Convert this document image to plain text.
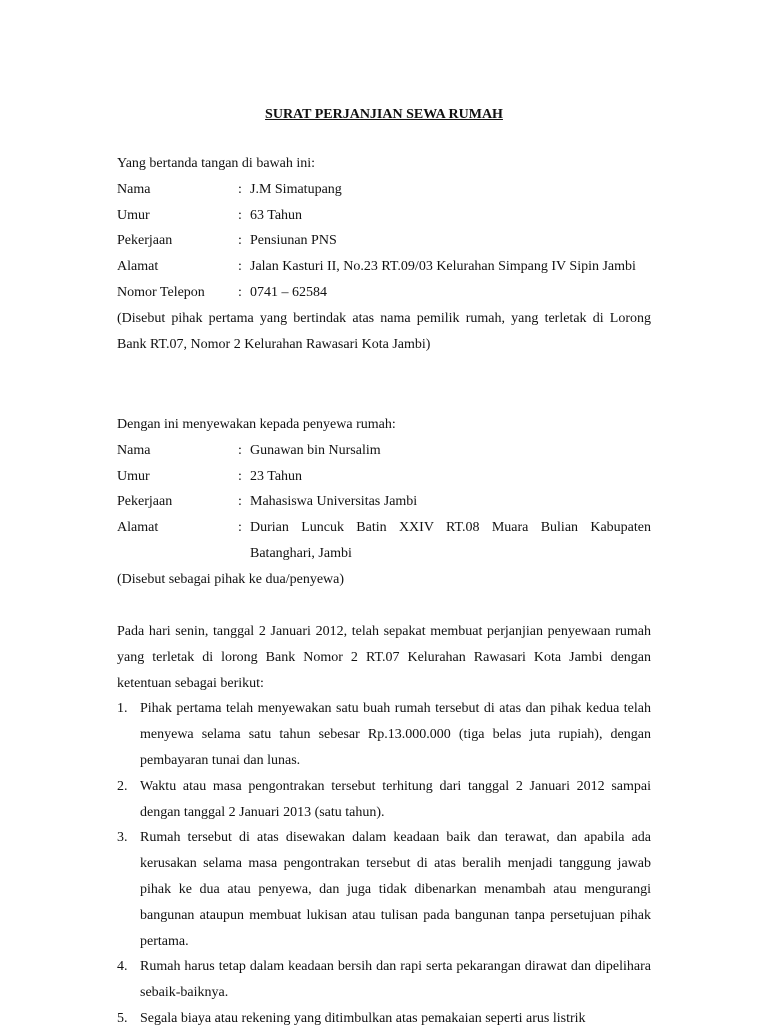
SURAT PERJANJIAN SEWA RUMAH
Yang bertanda tangan di bawah ini:
Nama	: J.M Simatupang
Umur	: 63 Tahun
Pekerjaan	: Pensiunan PNS
Alamat	: Jalan Kasturi II, No.23 RT.09/03 Kelurahan Simpang IV Sipin Jambi
Nomor Telepon	: 0741 – 62584
(Disebut pihak pertama yang bertindak atas nama pemilik rumah, yang terletak di Lorong Bank RT.07, Nomor 2 Kelurahan Rawasari Kota Jambi)
Dengan ini menyewakan kepada penyewa rumah:
Nama	: Gunawan bin Nursalim
Umur	: 23 Tahun
Pekerjaan	: Mahasiswa Universitas Jambi
Alamat	: Durian Luncuk Batin XXIV RT.08 Muara Bulian Kabupaten Batanghari, Jambi
(Disebut sebagai pihak ke dua/penyewa)
Pada hari senin, tanggal 2 Januari 2012, telah sepakat membuat perjanjian penyewaan rumah yang terletak di lorong Bank Nomor 2 RT.07 Kelurahan Rawasari Kota Jambi dengan ketentuan sebagai berikut:
1. Pihak pertama telah menyewakan satu buah rumah tersebut di atas dan pihak kedua telah menyewa selama satu tahun sebesar Rp.13.000.000 (tiga belas juta rupiah), dengan pembayaran tunai dan lunas.
2. Waktu atau masa pengontrakan tersebut terhitung dari tanggal 2 Januari 2012 sampai dengan tanggal 2 Januari 2013 (satu tahun).
3. Rumah tersebut di atas disewakan dalam keadaan baik dan terawat, dan apabila ada kerusakan selama masa pengontrakan tersebut di atas beralih menjadi tanggung jawab pihak ke dua atau penyewa, dan juga tidak dibenarkan menambah atau mengurangi bangunan ataupun membuat lukisan atau tulisan pada bangunan tanpa persetujuan pihak pertama.
4. Rumah harus tetap dalam keadaan bersih dan rapi serta pekarangan dirawat dan dipelihara sebaik-baiknya.
5. Segala biaya atau rekening yang ditimbulkan atas pemakaian seperti arus listrik
